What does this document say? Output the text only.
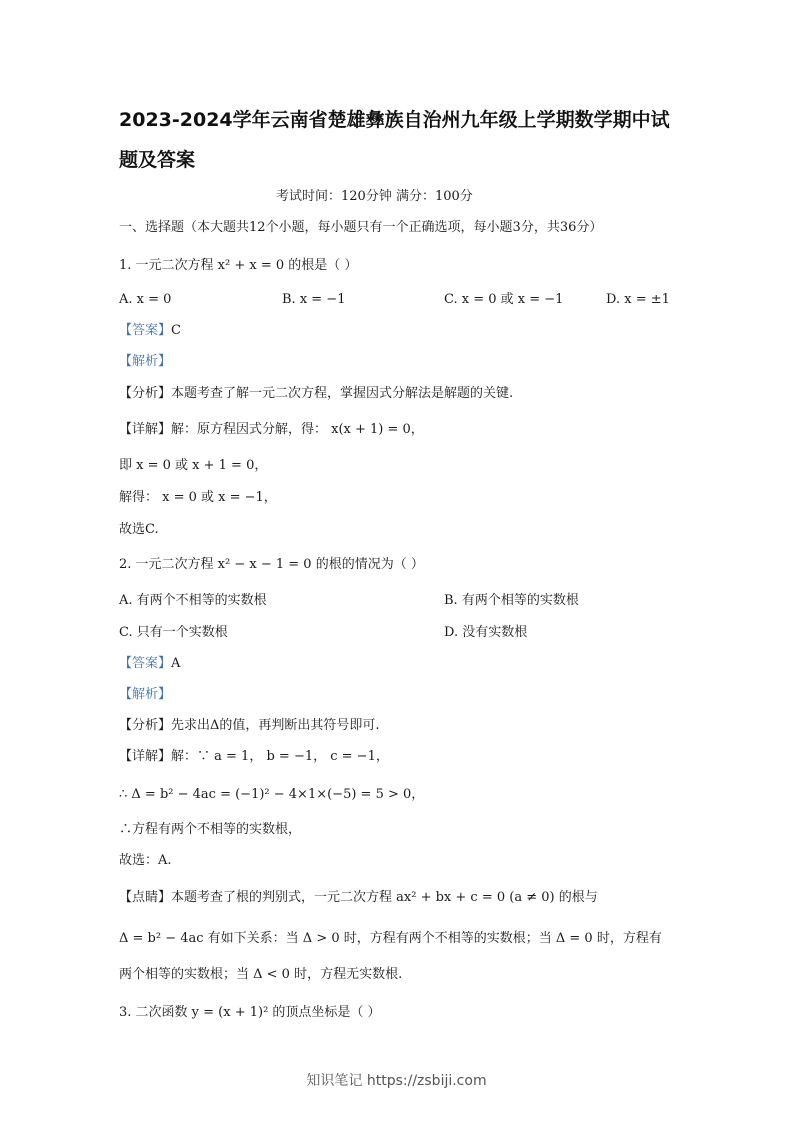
2023-2024学年云南省楚雄彝族自治州九年级上学期数学期中试题及答案
考试时间：120分钟 满分：100分
一、选择题（本大题共12个小题，每小题只有一个正确选项，每小题3分，共36分）
1. 一元二次方程 x² + x = 0 的根是（ ）
A. x = 0	B. x = −1	C. x = 0 或 x = −1	D. x = ±1
【答案】C
【解析】
【分析】本题考查了解一元二次方程，掌握因式分解法是解题的关键.
【详解】解：原方程因式分解，得： x(x + 1) = 0，
即 x = 0 或 x + 1 = 0，
解得： x = 0 或 x = −1，
故选C.
2. 一元二次方程 x² − x − 1 = 0 的根的情况为（ ）
A. 有两个不相等的实数根	B. 有两个相等的实数根
C. 只有一个实数根	D. 没有实数根
【答案】A
【解析】
【分析】先求出Δ的值，再判断出其符号即可.
【详解】解：∵ a = 1， b = −1， c = −1，
∴ Δ = b² − 4ac = (−1)² − 4×1×(−5) = 5 > 0，
∴方程有两个不相等的实数根，
故选：A.
【点睛】本题考查了根的判别式，一元二次方程 ax² + bx + c = 0 (a ≠ 0) 的根与
Δ = b² − 4ac 有如下关系：当 Δ > 0 时，方程有两个不相等的实数根；当 Δ = 0 时，方程有
两个相等的实数根；当 Δ < 0 时，方程无实数根.
3. 二次函数 y = (x + 1)² 的顶点坐标是（ ）
知识笔记 https://zsbiji.com
